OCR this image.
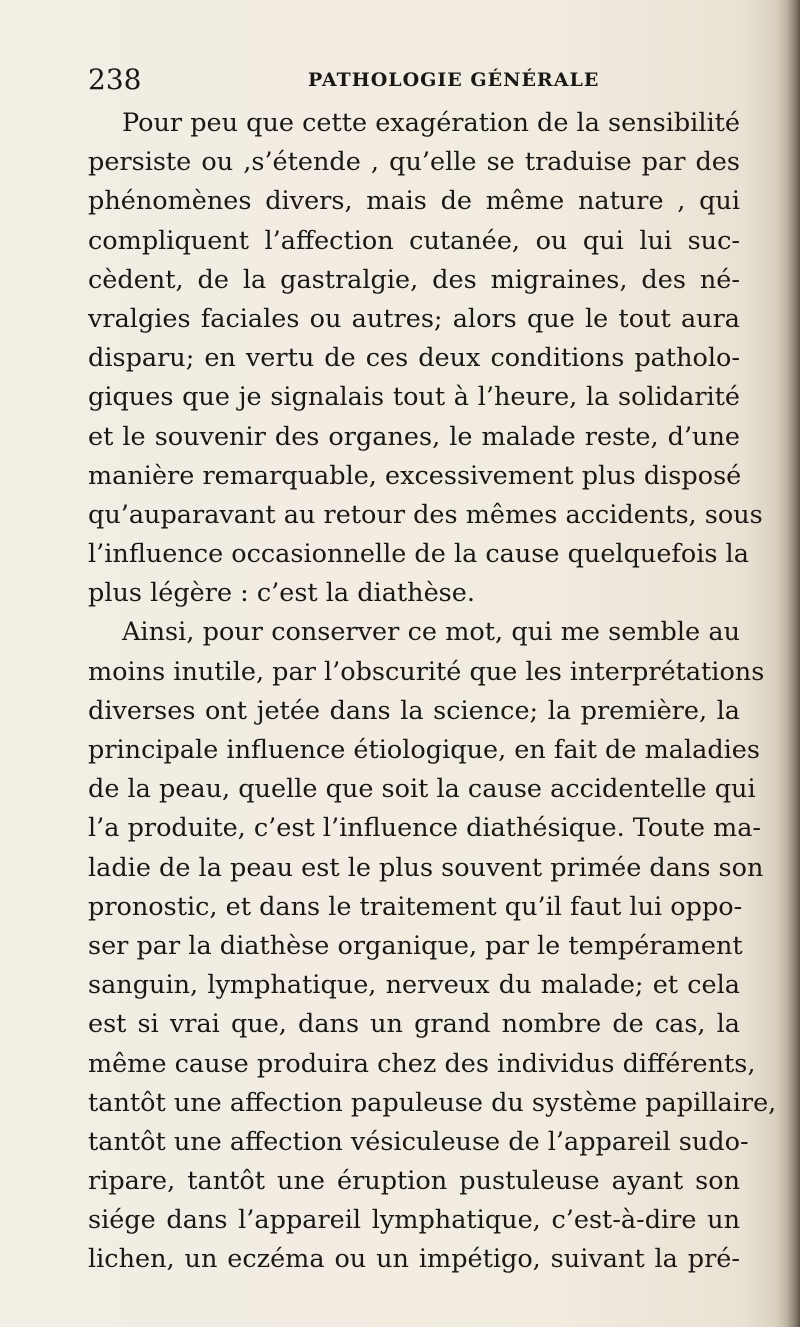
238	PATHOLOGIE GÉNÉRALE
Pour peu que cette exagération de la sensibilité
persiste ou ,s’étende , qu’elle se traduise par des
phénomènes divers, mais de même nature , qui
compliquent l’affection cutanée, ou qui lui suc-
cèdent, de la gastralgie, des migraines, des né-
vralgies faciales ou autres; alors que le tout aura
disparu; en vertu de ces deux conditions patholo-
giques que je signalais tout à l’heure, la solidarité
et le souvenir des organes, le malade reste, d’une
manière remarquable, excessivement plus disposé
qu’auparavant au retour des mêmes accidents, sous
l’influence occasionnelle de la cause quelquefois la
plus légère : c’est la diathèse.
Ainsi, pour conserver ce mot, qui me semble au
moins inutile, par l’obscurité que les interprétations
diverses ont jetée dans la science; la première, la
principale influence étiologique, en fait de maladies
de la peau, quelle que soit la cause accidentelle qui
l’a produite, c’est l’influence diathésique. Toute ma-
ladie de la peau est le plus souvent primée dans son
pronostic, et dans le traitement qu’il faut lui oppo-
ser par la diathèse organique, par le tempérament
sanguin, lymphatique, nerveux du malade; et cela
est si vrai que, dans un grand nombre de cas, la
même cause produira chez des individus différents,
tantôt une affection papuleuse du système papillaire,
tantôt une affection vésiculeuse de l’appareil sudo-
ripare, tantôt une éruption pustuleuse ayant son
siége dans l’appareil lymphatique, c’est-à-dire un
lichen, un eczéma ou un impétigo, suivant la pré-
